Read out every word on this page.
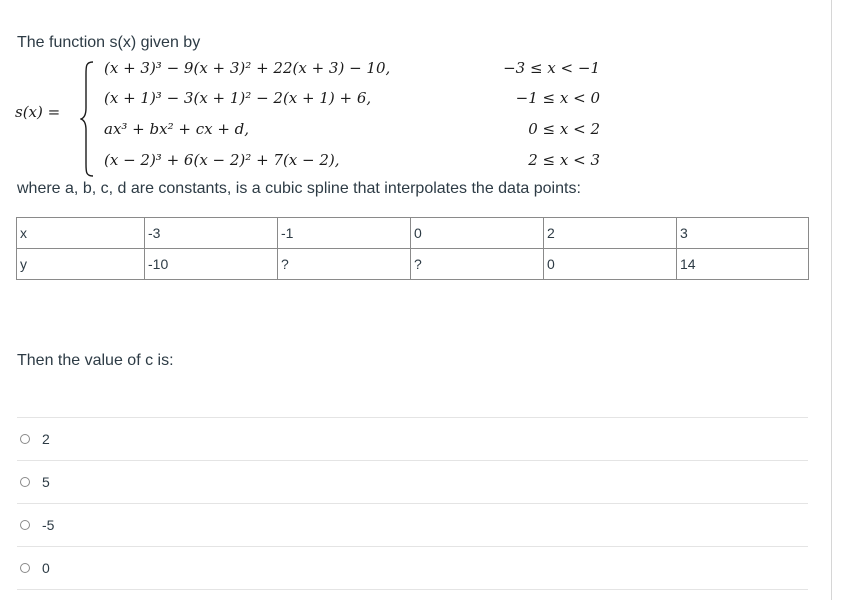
The function s(x) given by
s(x) =
(x + 3)³ − 9(x + 3)² + 22(x + 3) − 10,	−3 ≤ x < −1
(x + 1)³ − 3(x + 1)² − 2(x + 1) + 6,	−1 ≤ x < 0
ax³ + bx² + cx + d,	0 ≤ x < 2
(x − 2)³ + 6(x − 2)² + 7(x − 2),	2 ≤ x < 3
where a, b, c, d are constants, is a cubic spline that interpolates the data points:
x	-3	-1	0	2	3
y	-10	?	?	0	14
Then the value of c is:
2
5
-5
0
